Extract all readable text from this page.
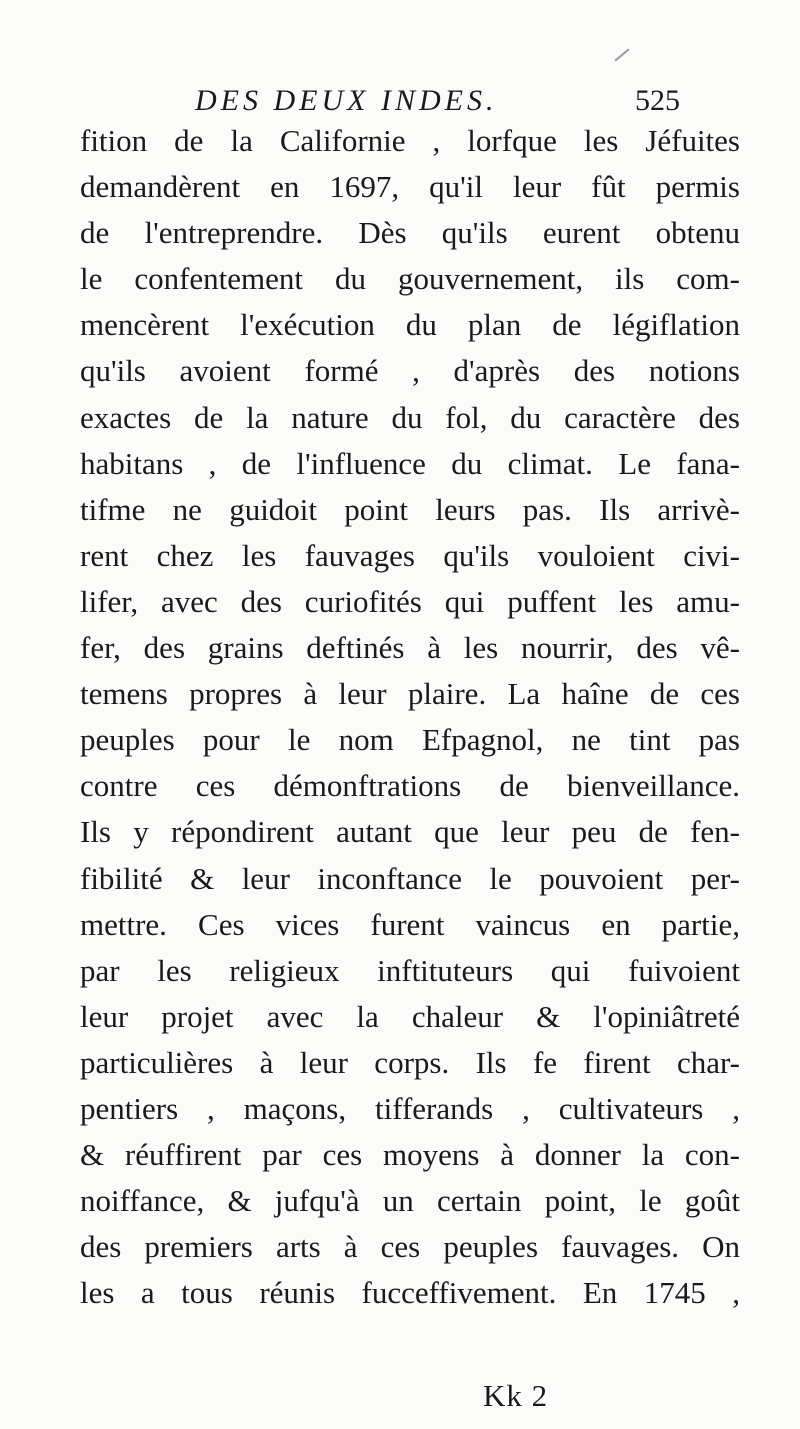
DES DEUX INDES.	525
fition de la Californie , lorfque les Jéfuites
demandèrent en 1697, qu'il leur fût permis
de l'entreprendre. Dès qu'ils eurent obtenu
le confentement du gouvernement, ils com-
mencèrent l'exécution du plan de légiflation
qu'ils avoient formé , d'après des notions
exactes de la nature du fol, du caractère des
habitans , de l'influence du climat. Le fana-
tifme ne guidoit point leurs pas. Ils arrivè-
rent chez les fauvages qu'ils vouloient civi-
lifer, avec des curiofités qui puffent les amu-
fer, des grains deftinés à les nourrir, des vê-
temens propres à leur plaire. La haîne de ces
peuples pour le nom Efpagnol, ne tint pas
contre ces démonftrations de bienveillance.
Ils y répondirent autant que leur peu de fen-
fibilité & leur inconftance le pouvoient per-
mettre. Ces vices furent vaincus en partie,
par les religieux inftituteurs qui fuivoient
leur projet avec la chaleur & l'opiniâtreté
particulières à leur corps. Ils fe firent char-
pentiers , maçons, tifferands , cultivateurs ,
& réuffirent par ces moyens à donner la con-
noiffance, & jufqu'à un certain point, le goût
des premiers arts à ces peuples fauvages. On
les a tous réunis fucceffivement. En 1745 ,
Kk 2
